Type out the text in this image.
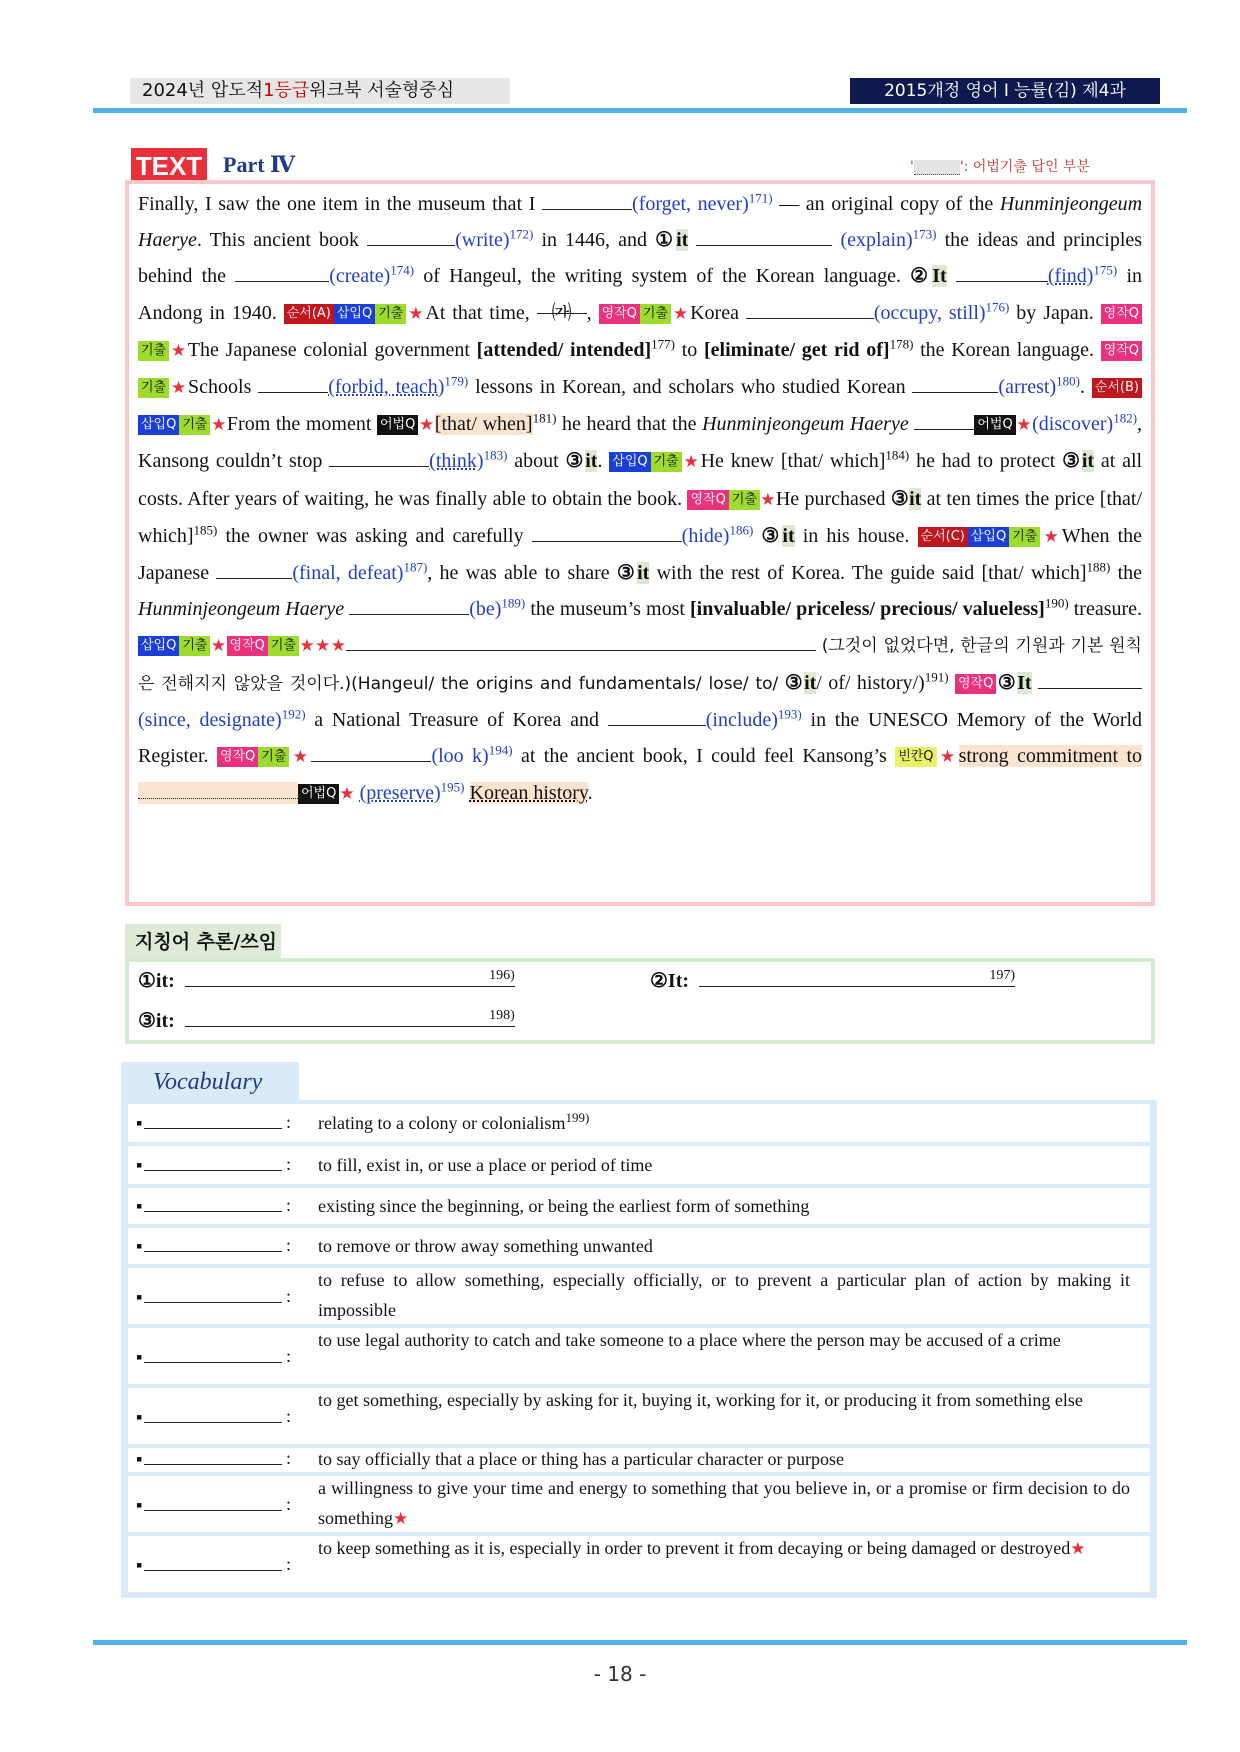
2024년 압도적1등급워크북 서술형중심	2015개정 영어 I 능률(김) 제4과
TEXT Part Ⅳ	'	': 어법기출 답인 부분
Finally, I saw the one item in the museum that I	(forget, never)$^{171)}$ — an original copy of the Hunminjeongeum Haerye. This ancient book	(write)$^{172)}$ in 1446, and ①it	(explain)$^{173)}$ the ideas and principles behind the	(create)$^{174)}$ of Hangeul, the writing system of the Korean language. ②It	(find)$^{175)}$ in Andong in 1940. 순서(A) 삽입Q 기출 ★At that time, ㈎ , 영작Q 기출 ★Korea	(occupy, still)$^{176)}$ by Japan. 영작Q기출 ★The Japanese colonial government [attended/ intended]$^{177)}$ to [eliminate/ get rid of]$^{178)}$ the Korean language. 영작Q기출 ★Schools	(forbid, teach)$^{179)}$ lessons in Korean, and scholars who studied Korean	(arrest)$^{180)}$. 순서(B)삽입Q 기출 ★From the moment 어법Q ★[that/ when]$^{181)}$ he heard that the Hunminjeongeum Haerye	어법Q ★(discover)$^{182)}$, Kansong couldn’t stop	(think)$^{183)}$ about ③it. 삽입Q 기출 ★He knew [that/ which]$^{184)}$ he had to protect ③it at all costs. After years of waiting, he was finally able to obtain the book. 영작Q 기출 ★He purchased ③it at ten times the price [that/ which]$^{185)}$ the owner was asking and carefully	(hide)$^{186)}$ ③it in his house. 순서(C) 삽입Q 기출 ★When the Japanese	(final, defeat)$^{187)}$, he was able to share ③it with the rest of Korea. The guide said [that/ which]$^{188)}$ the Hunminjeongeum Haerye	(be)$^{189)}$ the museum’s most [invaluable/ priceless/ precious/ valueless]$^{190)}$ treasure. 삽입Q 기출 ★ 영작Q 기출 ★★★	(그것이 없었다면, 한글의 기원과 기본 원칙은 전해지지 않았을 것이다.)(Hangeul/ the origins and fundamentals/ lose/ to/ ③it/ of/ history/)$^{191)}$ 영작Q ③It (since, designate)$^{192)}$ a National Treasure of Korea and	(include)$^{193)}$ in the UNESCO Memory of the World Register. 영작Q 기출 ★	(loo k)$^{194)}$ at the ancient book, I could feel Kansong’s 빈칸Q ★strong commitment to어법Q ★ (preserve)$^{195)}$ Korean history.
지칭어 추론/쓰임
①it:	196)	②It:	197)
③it:	198)
Vocabulary
▪	: relating to a colony or colonialism$^{199)}$
▪	: to fill, exist in, or use a place or period of time
▪	: existing since the beginning, or being the earliest form of something
▪	: to remove or throw away something unwanted
▪	:
to refuse to allow something, especially officially, or to prevent a particular plan of action by making it impossible
▪	:
to use legal authority to catch and take someone to a place where the person may be accused of a crime
▪	:
to get something, especially by asking for it, buying it, working for it, or producing it from something else
▪	: to say officially that a place or thing has a particular character or purpose
▪	:
a willingness to give your time and energy to something that you believe in, or a promise or firm decision to do something★
▪	:
to keep something as it is, especially in order to prevent it from decaying or being damaged or destroyed★
- 18 -
